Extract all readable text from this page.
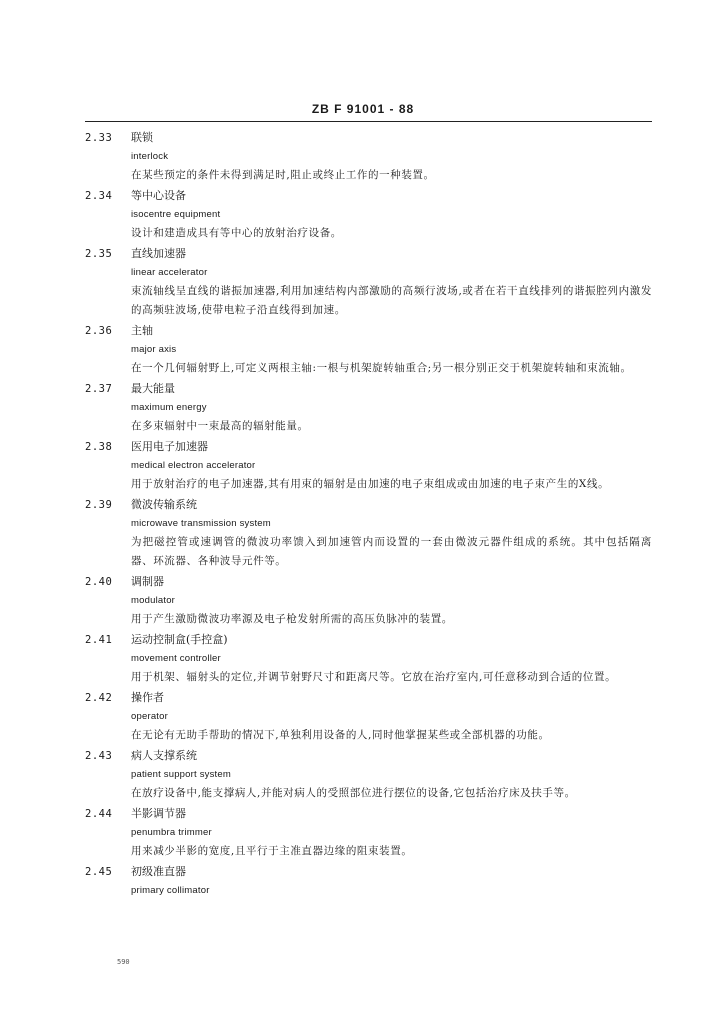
ZB F 91001 - 88
2.33	联锁
interlock
在某些预定的条件未得到满足时,阻止或终止工作的一种装置。
2.34	等中心设备
isocentre equipment
设计和建造成具有等中心的放射治疗设备。
2.35	直线加速器
linear accelerator
束流轴线呈直线的谐振加速器,利用加速结构内部激励的高频行波场,或者在若干直线排列的谐振腔列内激发的高频驻波场,使带电粒子沿直线得到加速。
2.36	主轴
major axis
在一个几何辐射野上,可定义两根主轴:一根与机架旋转轴重合;另一根分别正交于机架旋转轴和束流轴。
2.37	最大能量
maximum energy
在多束辐射中一束最高的辐射能量。
2.38	医用电子加速器
medical electron accelerator
用于放射治疗的电子加速器,其有用束的辐射是由加速的电子束组成或由加速的电子束产生的X线。
2.39	微波传输系统
microwave transmission system
为把磁控管或速调管的微波功率馈入到加速管内而设置的一套由微波元器件组成的系统。其中包括隔离器、环流器、各种波导元件等。
2.40	调制器
modulator
用于产生激励微波功率源及电子枪发射所需的高压负脉冲的装置。
2.41	运动控制盒(手控盒)
movement controller
用于机架、辐射头的定位,并调节射野尺寸和距离尺等。它放在治疗室内,可任意移动到合适的位置。
2.42	操作者
operator
在无论有无助手帮助的情况下,单独利用设备的人,同时他掌握某些或全部机器的功能。
2.43	病人支撑系统
patient support system
在放疗设备中,能支撑病人,并能对病人的受照部位进行摆位的设备,它包括治疗床及扶手等。
2.44	半影调节器
penumbra trimmer
用来减少半影的宽度,且平行于主准直器边缘的阻束装置。
2.45	初级准直器
primary collimator
590
